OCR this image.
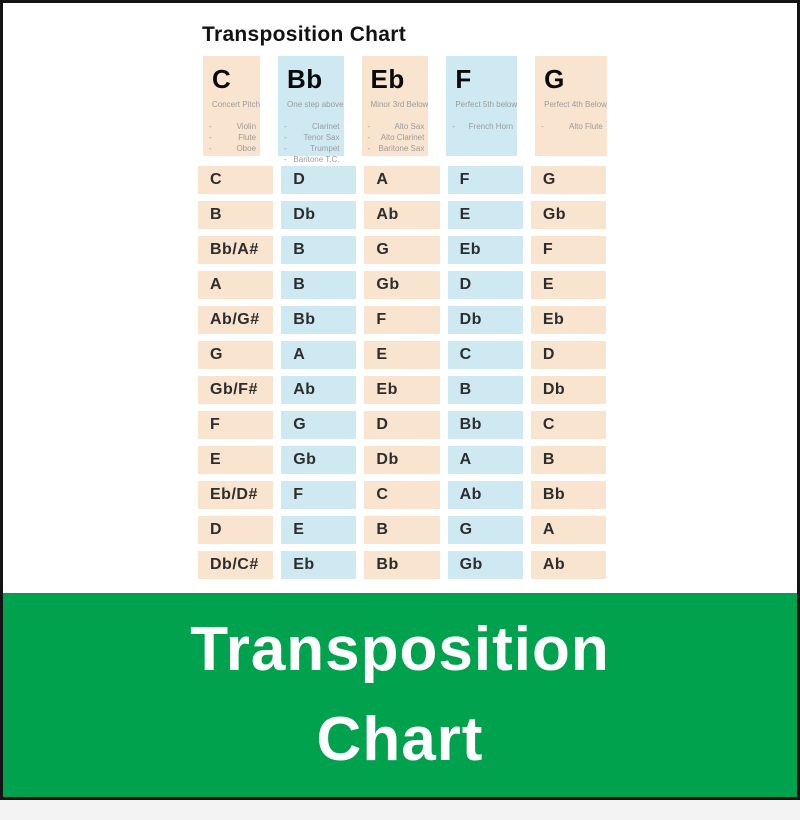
Transposition Chart
C
Concert Pitch
-	Violin
-	Flute
-	Oboe
Bb
One step above
-	Clarinet
- Tenor Sax
-	Trumpet
- Baritone T.C.
Eb
Minor 3rd Below
-	Alto Sax
- Alto Clarinet
- Baritone Sax
F
Perfect 5th below
- French Horn
G
Perfect 4th Below
-	Alto Flute
C	D	A	F	G
B	Db	Ab	E	Gb
Bb/A#	B	G	Eb	F
A	B	Gb	D	E
Ab/G#	Bb	F	Db	Eb
G	A	E	C	D
Gb/F#	Ab	Eb	B	Db
F	G	D	Bb	C
E	Gb	Db	A	B
Eb/D#	F	C	Ab	Bb
D	E	B	G	A
Db/C#	Eb	Bb	Gb	Ab
Transposition
Chart
